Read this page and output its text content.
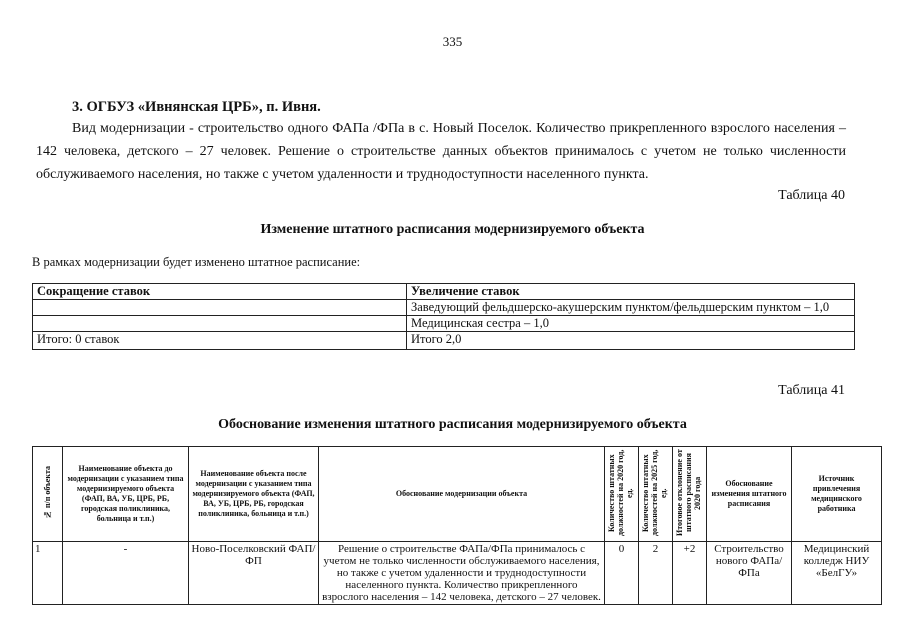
335
3. ОГБУЗ «Ивнянская ЦРБ», п. Ивня.
Вид модернизации - строительство одного ФАПа /ФПа в с. Новый Поселок. Количество прикрепленного взрослого населения – 142 человека, детского – 27 человек. Решение о строительстве данных объектов принималось с учетом не только численности обслуживаемого населения, но также с учетом удаленности и труднодоступности населенного пункта.
Таблица 40
Изменение штатного расписания модернизируемого объекта
В рамках модернизации будет изменено штатное расписание:
Сокращение ставок	Увеличение ставок
	Заведующий фельдшерско-акушерским пунктом/фельдшерским пунктом – 1,0
	Медицинская сестра – 1,0
Итого: 0 ставок	Итого 2,0
Таблица 41
Обоснование изменения штатного расписания модернизируемого объекта
№ п/п объекта	Наименование объекта до модернизации с указанием типа модернизируемого объекта (ФАП, ВА, УБ, ЦРБ, РБ, городская поликлиника, больница и т.п.)	Наименование объекта после модернизации с указанием типа модернизируемого объекта (ФАП, ВА, УБ, ЦРБ, РБ, городская поликлиника, больница и т.п.)	Обоснование модернизации объекта	Количество штатных должностей на 2020 год, ед.	Количество штатных должностей на 2025 год, ед.	Итоговое отклонение от штатного расписания 2020 года	Обоснование изменения штатного расписания	Источник привлечения медицинского работника
1	-	Ново-Поселковский ФАП/ФП	Решение о строительстве ФАПа/ФПа принималось с учетом не только численности обслуживаемого населения, но также с учетом удаленности и труднодоступности населенного пункта. Количество прикрепленного взрослого населения – 142 человека, детского – 27 человек.	0	2	+2	Строительство нового ФАПа/ФПа	Медицинский колледж НИУ «БелГУ»
